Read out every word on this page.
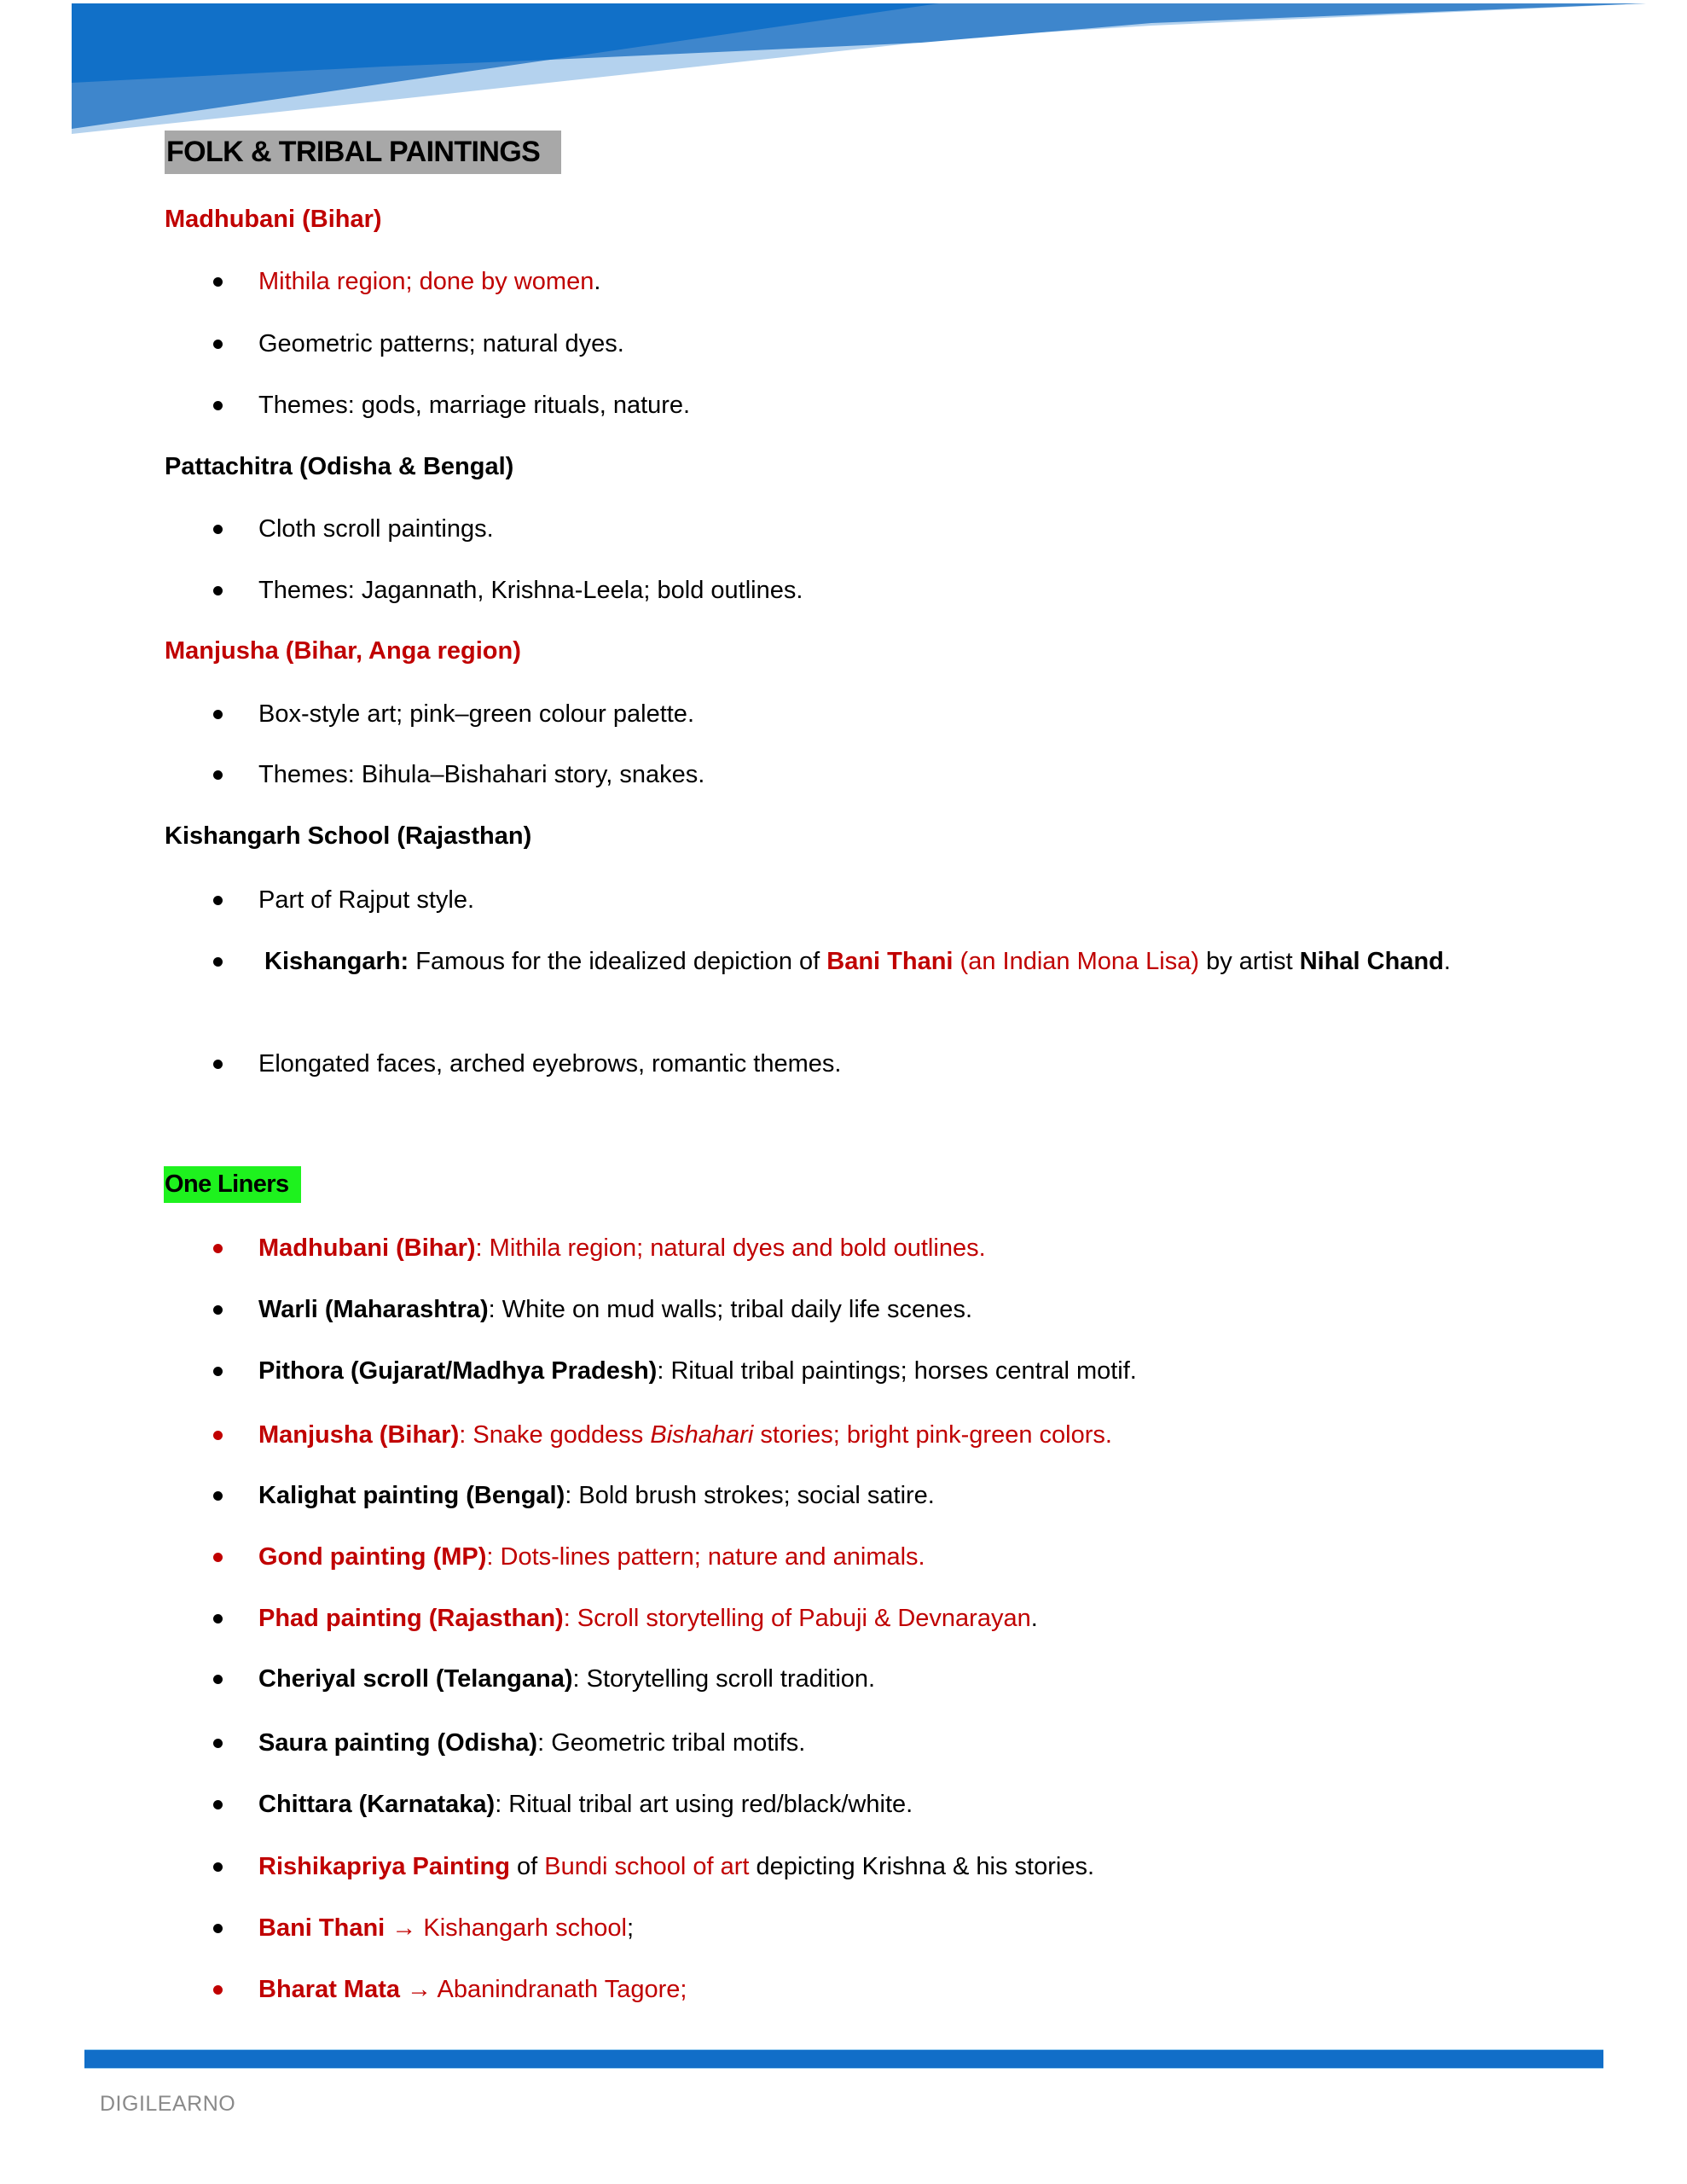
FOLK & TRIBAL PAINTINGS
Madhubani (Bihar)
Mithila region; done by women.
Geometric patterns; natural dyes.
Themes: gods, marriage rituals, nature.
Pattachitra (Odisha & Bengal)
Cloth scroll paintings.
Themes: Jagannath, Krishna-Leela; bold outlines.
Manjusha (Bihar, Anga region)
Box-style art; pink–green colour palette.
Themes: Bihula–Bishahari story, snakes.
Kishangarh School (Rajasthan)
Part of Rajput style.
Kishangarh: Famous for the idealized depiction of Bani Thani (an Indian Mona Lisa) by artist Nihal Chand.
Elongated faces, arched eyebrows, romantic themes.
One Liners
Madhubani (Bihar): Mithila region; natural dyes and bold outlines.
Warli (Maharashtra): White on mud walls; tribal daily life scenes.
Pithora (Gujarat/Madhya Pradesh): Ritual tribal paintings; horses central motif.
Manjusha (Bihar): Snake goddess Bishahari stories; bright pink-green colors.
Kalighat painting (Bengal): Bold brush strokes; social satire.
Gond painting (MP): Dots-lines pattern; nature and animals.
Phad painting (Rajasthan): Scroll storytelling of Pabuji & Devnarayan.
Cheriyal scroll (Telangana): Storytelling scroll tradition.
Saura painting (Odisha): Geometric tribal motifs.
Chittara (Karnataka): Ritual tribal art using red/black/white.
Rishikapriya Painting of Bundi school of art depicting Krishna & his stories.
Bani Thani → Kishangarh school;
Bharat Mata → Abanindranath Tagore;
DIGILEARNO
